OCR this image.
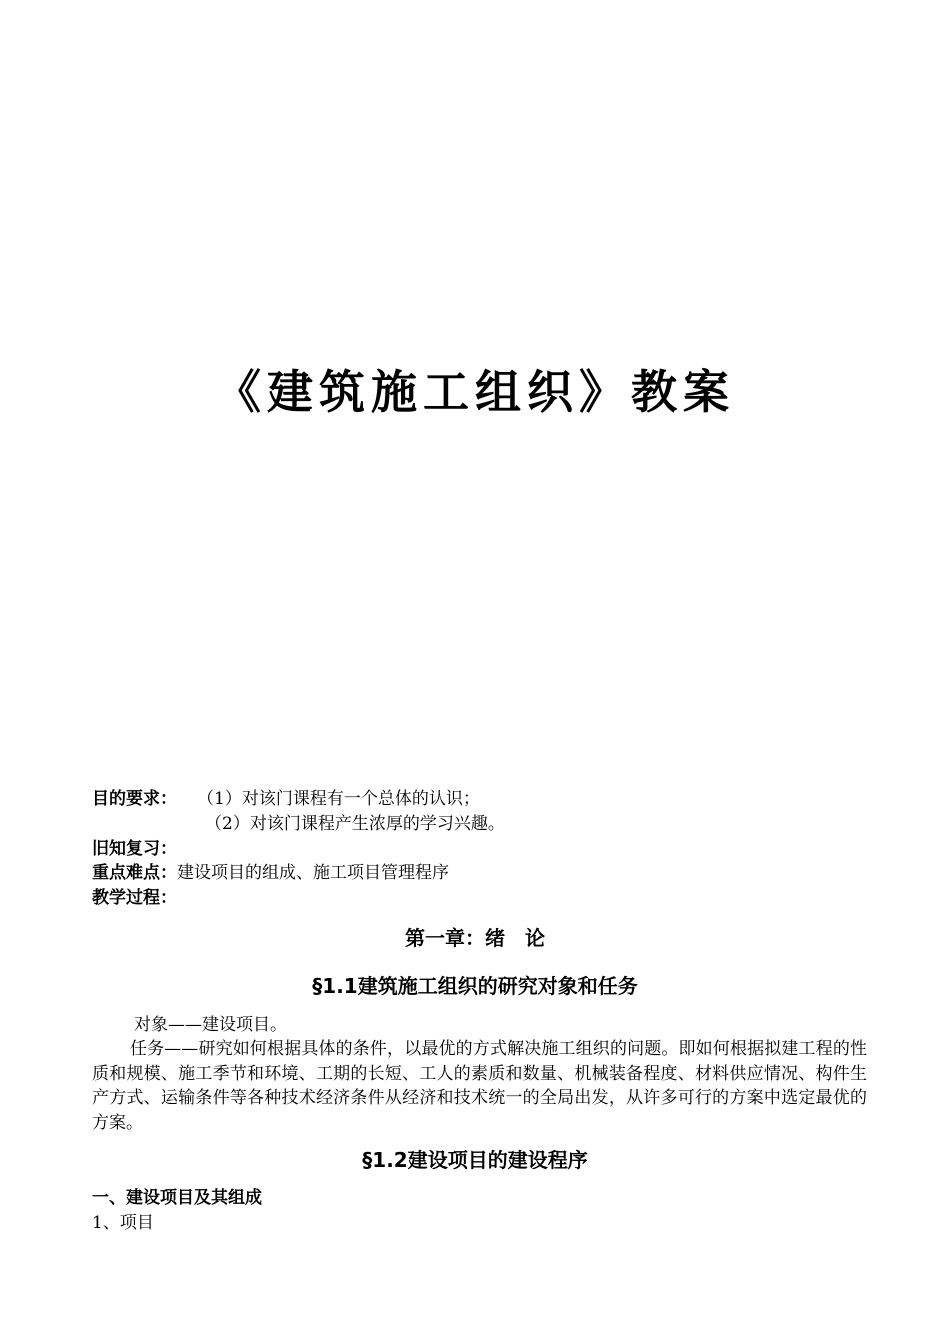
《建筑施工组织》教案
目的要求： （1）对该门课程有一个总体的认识；
（2）对该门课程产生浓厚的学习兴趣。
旧知复习：
重点难点：建设项目的组成、施工项目管理程序
教学过程：
第一章：绪　论
§1.1建筑施工组织的研究对象和任务
对象——建设项目。
任务——研究如何根据具体的条件，以最优的方式解决施工组织的问题。即如何根据拟建工程的性质和规模、施工季节和环境、工期的长短、工人的素质和数量、机械装备程度、材料供应情况、构件生产方式、运输条件等各种技术经济条件从经济和技术统一的全局出发，从许多可行的方案中选定最优的方案。
§1.2建设项目的建设程序
一、建设项目及其组成
1、项目
